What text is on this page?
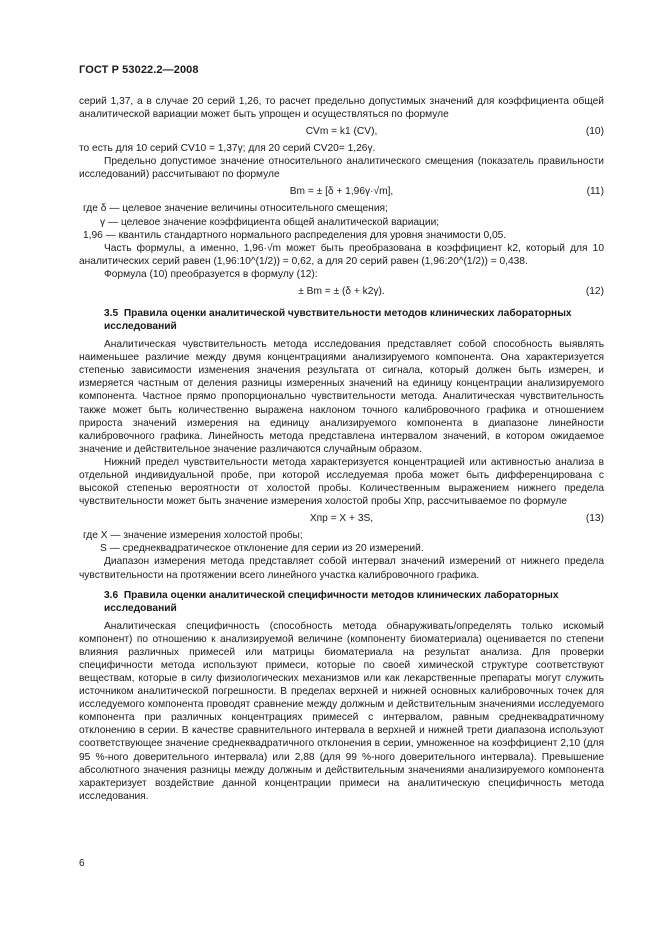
ГОСТ Р 53022.2—2008

серий 1,37, а в случае 20 серий 1,26, то расчет предельно допустимых значений для коэффициента общей аналитической вариации может быть упрощен и осуществляться по формуле

CVm = k1 (CV),	(10)

то есть для 10 серий CV10 = 1,37γ; для 20 серий CV20= 1,26γ.

Предельно допустимое значение относительного аналитического смещения (показатель правильности исследований) рассчитывают по формуле

Bm = ± [δ + 1,96γ·√m],	(11)

где δ — целевое значение величины относительного смещения;

γ — целевое значение коэффициента общей аналитической вариации;

1,96 — квантиль стандартного нормального распределения для уровня значимости 0,05.

Часть формулы, а именно, 1,96·√m может быть преобразована в коэффициент k2, который для 10 аналитических серий равен (1,96:10^(1/2)) = 0,62, а для 20 серий равен (1,96:20^(1/2)) = 0,438.

Формула (10) преобразуется в формулу (12):

± Bm = ± (δ + k2γ).	(12)
3.5 Правила оценки аналитической чувствительности методов клинических лабораторных исследований

Аналитическая чувствительность метода исследования представляет собой способность выявлять наименьшее различие между двумя концентрациями анализируемого компонента. Она характеризуется степенью зависимости изменения значения результата от сигнала, который должен быть измерен, и измеряется частным от деления разницы измеренных значений на единицу концентрации анализируемого компонента. Частное прямо пропорционально чувствительности метода. Аналитическая чувствительность также может быть количественно выражена наклоном точного калибровочного графика и отношением прироста значений измерения на единицу анализируемого компонента в диапазоне линейности калибровочного графика. Линейность метода представлена интервалом значений, в котором ожидаемое значение и действительное значение различаются случайным образом.

Нижний предел чувствительности метода характеризуется концентрацией или активностью анализа в отдельной индивидуальной пробе, при которой исследуемая проба может быть дифференцирована с высокой степенью вероятности от холостой пробы. Количественным выражением нижнего предела чувствительности может быть значение измерения холостой пробы Xпр, рассчитываемое по формуле

Xпр = X + 3S,	(13)

где X — значение измерения холостой пробы;

S — среднеквадратическое отклонение для серии из 20 измерений.

Диапазон измерения метода представляет собой интервал значений измерений от нижнего предела чувствительности на протяжении всего линейного участка калибровочного графика.

3.6 Правила оценки аналитической специфичности методов клинических лабораторных исследований

Аналитическая специфичность (способность метода обнаруживать/определять только искомый компонент) по отношению к анализируемой величине (компоненту биоматериала) оценивается по степени влияния различных примесей или матрицы биоматериала на результат анализа. Для проверки специфичности метода используют примеси, которые по своей химической структуре соответствуют веществам, которые в силу физиологических механизмов или как лекарственные препараты могут служить источником аналитической погрешности. В пределах верхней и нижней основных калибровочных точек для исследуемого компонента проводят сравнение между должным и действительным значениями исследуемого компонента при различных концентрациях примесей с интервалом, равным среднеквадратичному отклонению в серии. В качестве сравнительного интервала в верхней и нижней трети диапазона используют соответствующее значение среднеквадратичного отклонения в серии, умноженное на коэффициент 2,10 (для 95 %-ного доверительного интервала) или 2,88 (для 99 %-ного доверительного интервала). Превышение абсолютного значения разницы между должным и действительным значениями анализируемого компонента характеризует воздействие данной концентрации примеси на аналитическую специфичность метода исследования.

6
